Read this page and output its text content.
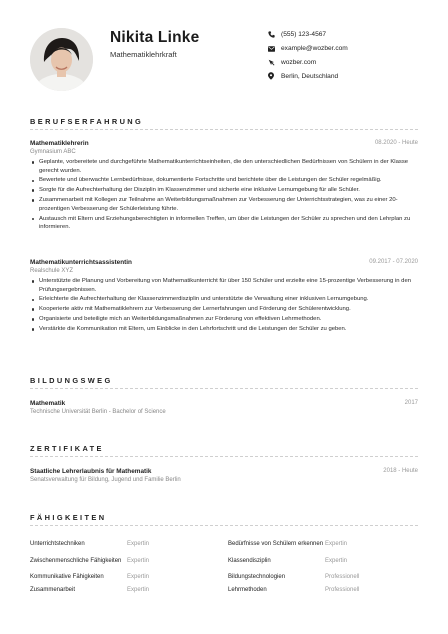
Nikita Linke
Mathematiklehrkraft
(555) 123-4567
example@wozber.com
wozber.com
Berlin, Deutschland
BERUFSERFAHRUNG
Mathematiklehrerin	08.2020 - Heute
Gymnasium ABC
Geplante, vorbereitete und durchgeführte Mathematikunterrichtseinheiten, die den unterschiedlichen Bedürfnissen von Schülern in der Klasse gerecht wurden.
Bewertete und überwachte Lernbedürfnisse, dokumentierte Fortschritte und berichtete über die Leistungen der Schüler regelmäßig.
Sorgte für die Aufrechterhaltung der Disziplin im Klassenzimmer und sicherte eine inklusive Lernumgebung für alle Schüler.
Zusammenarbeit mit Kollegen zur Teilnahme an Weiterbildungsmaßnahmen zur Verbesserung der Unterrichtsstrategien, was zu einer 20-prozentigen Verbesserung der Schülerleistung führte.
Austausch mit Eltern und Erziehungsberechtigten in informellen Treffen, um über die Leistungen der Schüler zu sprechen und den Lehrplan zu informieren.
Mathematikunterrichtsassistentin	09.2017 - 07.2020
Realschule XYZ
Unterstützte die Planung und Vorbereitung von Mathematikunterricht für über 150 Schüler und erzielte eine 15-prozentige Verbesserung in den Prüfungsergebnissen.
Erleichterte die Aufrechterhaltung der Klassenzimmerdisziplin und unterstützte die Verwaltung einer inklusiven Lernumgebung.
Kooperierte aktiv mit Mathematiklehrern zur Verbesserung der Lernerfahrungen und Förderung der Schülerentwicklung.
Organisierte und beteiligte mich an Weiterbildungsmaßnahmen zur Förderung von effektiven Lehrmethoden.
Verstärkte die Kommunikation mit Eltern, um Einblicke in den Lehrfortschritt und die Leistungen der Schüler zu geben.
BILDUNGSWEG
Mathematik	2017
Technische Universität Berlin - Bachelor of Science
ZERTIFIKATE
Staatliche Lehrerlaubnis für Mathematik	2018 - Heute
Senatsverwaltung für Bildung, Jugend und Familie Berlin
FÄHIGKEITEN
Unterrichtstechniken	Expertin	Bedürfnisse von Schülern erkennen Expertin
Zwischenmenschliche Fähigkeiten Expertin	Klassendisziplin	Expertin
Kommunikative Fähigkeiten	Expertin	Bildungstechnologien	Professionell
Zusammenarbeit	Expertin	Lehrmethoden	Professionell
